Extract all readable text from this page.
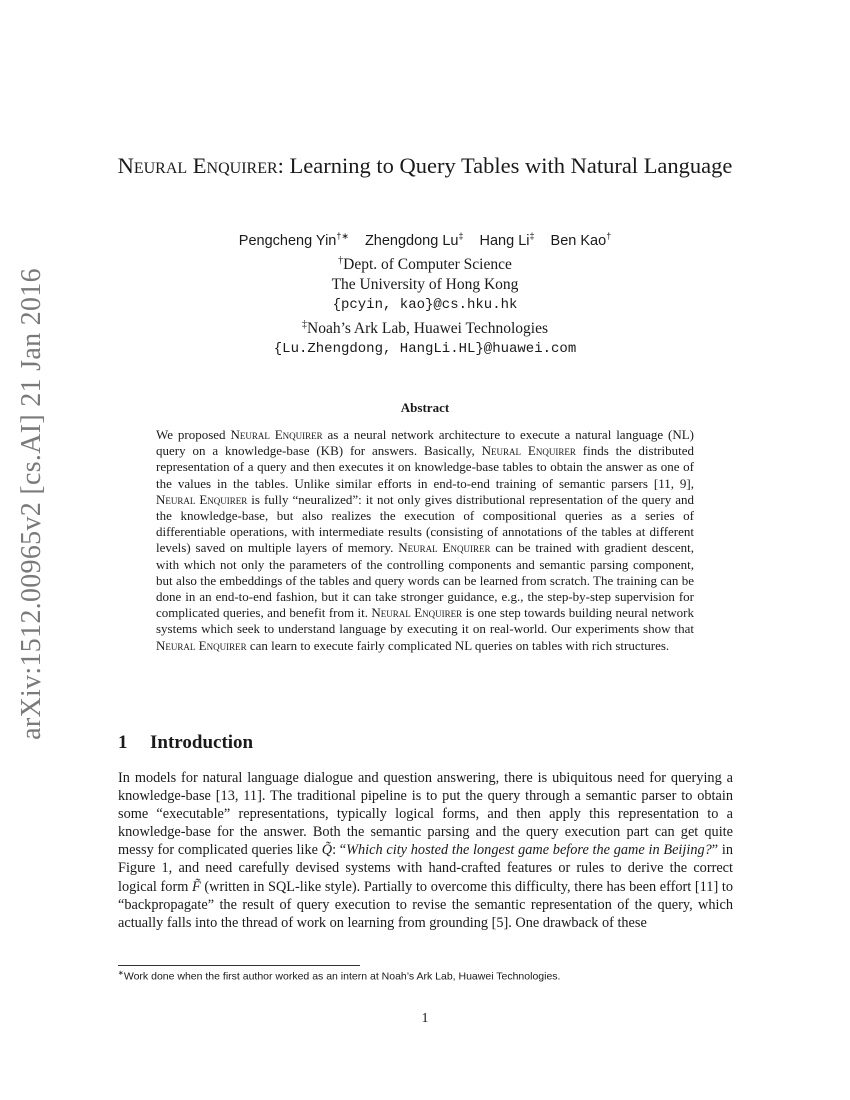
arXiv:1512.00965v2 [cs.AI] 21 Jan 2016
Neural Enquirer: Learning to Query Tables with Natural Language
Pengcheng Yin†∗ Zhengdong Lu‡ Hang Li‡ Ben Kao†
†Dept. of Computer Science
The University of Hong Kong
{pcyin, kao}@cs.hku.hk
‡Noah’s Ark Lab, Huawei Technologies
{Lu.Zhengdong, HangLi.HL}@huawei.com
Abstract
We proposed Neural Enquirer as a neural network architecture to execute a natural language (NL) query on a knowledge-base (KB) for answers. Basically, Neural Enquirer finds the distributed representation of a query and then executes it on knowledge-base tables to obtain the answer as one of the values in the tables. Unlike similar efforts in end-to-end training of semantic parsers [11, 9], Neural Enquirer is fully “neuralized”: it not only gives distributional representation of the query and the knowledge-base, but also realizes the execution of compositional queries as a series of differentiable operations, with intermediate results (consisting of annotations of the tables at different levels) saved on multiple layers of memory. Neural Enquirer can be trained with gradient descent, with which not only the parameters of the controlling components and semantic parsing component, but also the embeddings of the tables and query words can be learned from scratch. The training can be done in an end-to-end fashion, but it can take stronger guidance, e.g., the step-by-step supervision for complicated queries, and benefit from it. Neural Enquirer is one step towards building neural network systems which seek to understand language by executing it on real-world. Our experiments show that Neural Enquirer can learn to execute fairly complicated NL queries on tables with rich structures.
1 Introduction
In models for natural language dialogue and question answering, there is ubiquitous need for querying a knowledge-base [13, 11]. The traditional pipeline is to put the query through a semantic parser to obtain some “executable” representations, typically logical forms, and then apply this representation to a knowledge-base for the answer. Both the semantic parsing and the query execution part can get quite messy for complicated queries like Q̃: “Which city hosted the longest game before the game in Beijing?” in Figure 1, and need carefully devised systems with hand-crafted features or rules to derive the correct logical form F̃ (written in SQL-like style). Partially to overcome this difficulty, there has been effort [11] to “backpropagate” the result of query execution to revise the semantic representation of the query, which actually falls into the thread of work on learning from grounding [5]. One drawback of these
∗Work done when the first author worked as an intern at Noah’s Ark Lab, Huawei Technologies.
1
